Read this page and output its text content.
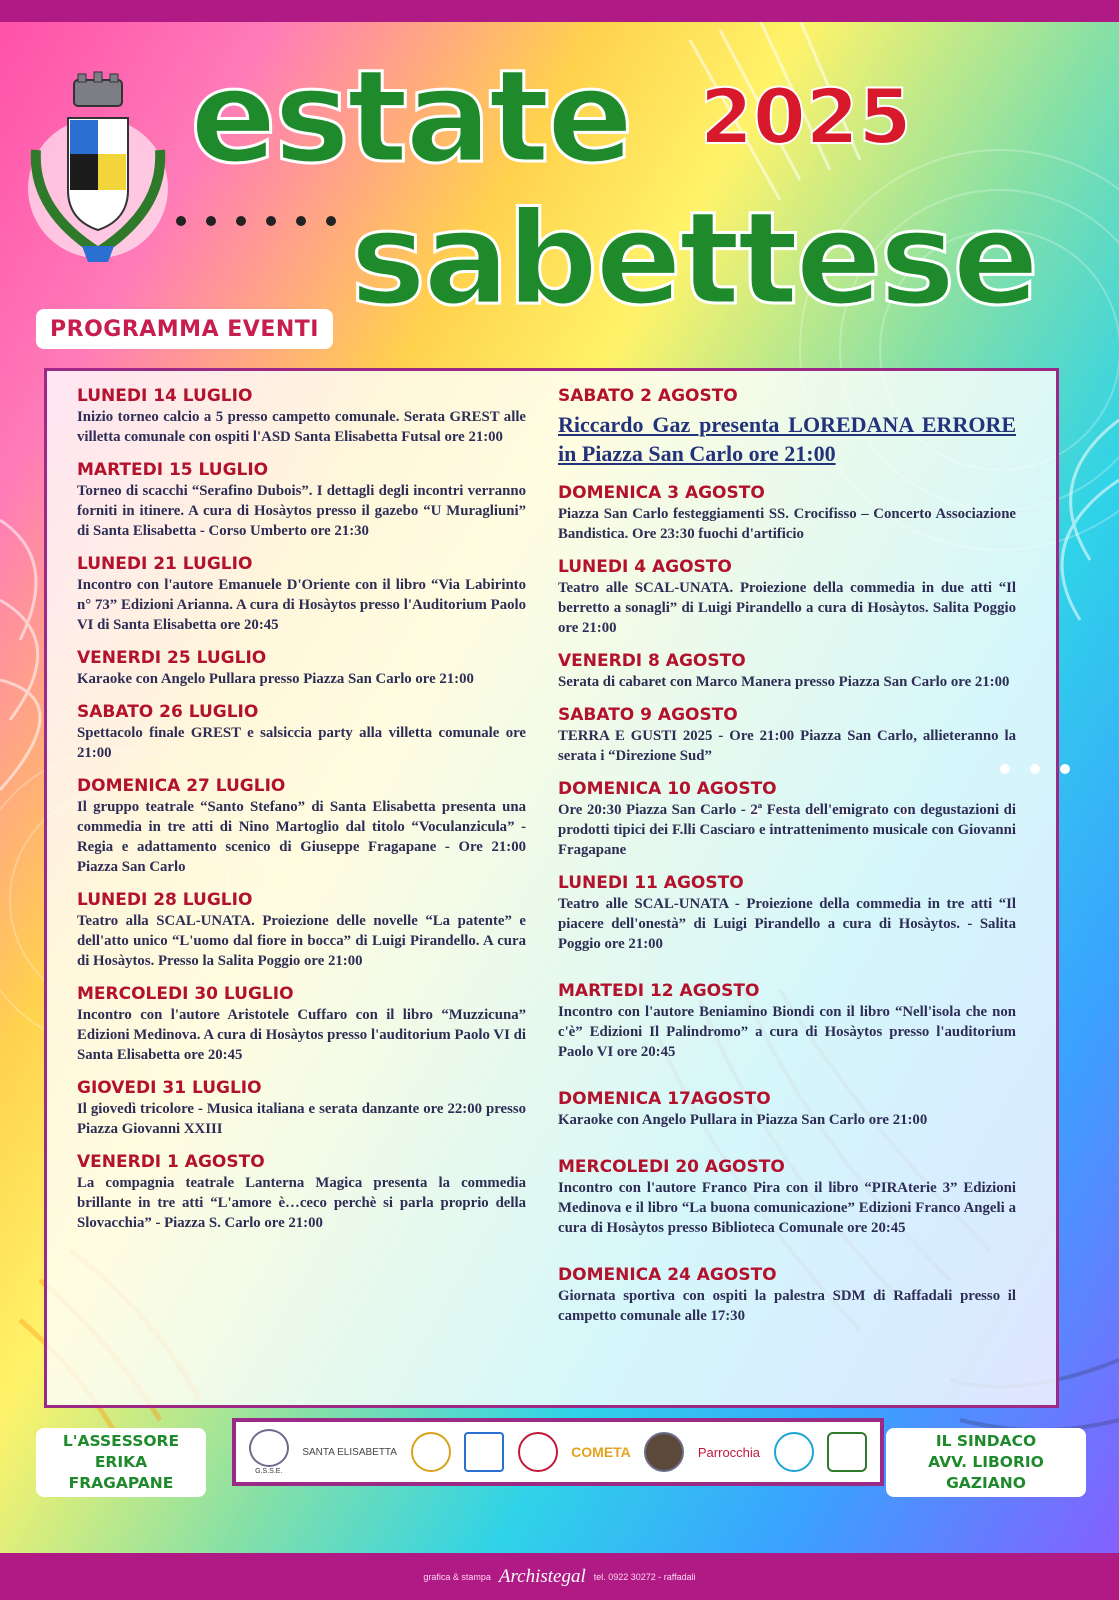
estate 2025
sabettese
PROGRAMMA EVENTI
LUNEDI 14 LUGLIO
Inizio torneo calcio a 5 presso campetto comunale. Serata GREST alle villetta comunale con ospiti l'ASD Santa Elisabetta Futsal ore 21:00
MARTEDI 15 LUGLIO
Torneo di scacchi “Serafino Dubois”. I dettagli degli incontri verranno forniti in itinere. A cura di Hosàytos presso il gazebo “U Muragliuni” di Santa Elisabetta - Corso Umberto ore 21:30
LUNEDI 21 LUGLIO
Incontro con l'autore Emanuele D'Oriente con il libro “Via Labirinto n° 73” Edizioni Arianna. A cura di Hosàytos presso l'Auditorium Paolo VI di Santa Elisabetta ore 20:45
VENERDI 25 LUGLIO
Karaoke con Angelo Pullara presso Piazza San Carlo ore 21:00
SABATO 26 LUGLIO
Spettacolo finale GREST e salsiccia party alla villetta comunale ore 21:00
DOMENICA 27 LUGLIO
Il gruppo teatrale “Santo Stefano” di Santa Elisabetta presenta una commedia in tre atti di Nino Martoglio dal titolo “Voculanzicula” - Regia e adattamento scenico di Giuseppe Fragapane - Ore 21:00 Piazza San Carlo
LUNEDI 28 LUGLIO
Teatro alla SCAL-UNATA. Proiezione delle novelle “La patente” e dell'atto unico “L'uomo dal fiore in bocca” di Luigi Pirandello. A cura di Hosàytos. Presso la Salita Poggio ore 21:00
MERCOLEDI 30 LUGLIO
Incontro con l'autore Aristotele Cuffaro con il libro “Muzzicuna” Edizioni Medinova. A cura di Hosàytos presso l'auditorium Paolo VI di Santa Elisabetta ore 20:45
GIOVEDI 31 LUGLIO
Il giovedì tricolore - Musica italiana e serata danzante ore 22:00 presso Piazza Giovanni XXIII
VENERDI 1 AGOSTO
La compagnia teatrale Lanterna Magica presenta la commedia brillante in tre atti “L'amore è…ceco perchè si parla proprio della Slovacchia” - Piazza S. Carlo ore 21:00
SABATO 2 AGOSTO
Riccardo Gaz presenta LOREDANA ERRORE in Piazza San Carlo ore 21:00
DOMENICA 3 AGOSTO
Piazza San Carlo festeggiamenti SS. Crocifisso – Concerto Associazione Bandistica. Ore 23:30 fuochi d'artificio
LUNEDI 4 AGOSTO
Teatro alle SCAL-UNATA. Proiezione della commedia in due atti “Il berretto a sonagli” di Luigi Pirandello a cura di Hosàytos. Salita Poggio ore 21:00
VENERDI 8 AGOSTO
Serata di cabaret con Marco Manera presso Piazza San Carlo ore 21:00
SABATO 9 AGOSTO
TERRA E GUSTI 2025 - Ore 21:00 Piazza San Carlo, allieteranno la serata i “Direzione Sud”
DOMENICA 10 AGOSTO
Ore 20:30 Piazza San Carlo - 2ª Festa dell'emigrato con degustazioni di prodotti tipici dei F.lli Casciaro e intrattenimento musicale con Giovanni Fragapane
LUNEDI 11 AGOSTO
Teatro alle SCAL-UNATA - Proiezione della commedia in tre atti “Il piacere dell'onestà” di Luigi Pirandello a cura di Hosàytos. - Salita Poggio ore 21:00
MARTEDI 12 AGOSTO
Incontro con l'autore Beniamino Biondi con il libro “Nell'isola che non c'è” Edizioni Il Palindromo” a cura di Hosàytos presso l'auditorium Paolo VI ore 20:45
DOMENICA 17AGOSTO
Karaoke con Angelo Pullara in Piazza San Carlo ore 21:00
MERCOLEDI 20 AGOSTO
Incontro con l'autore Franco Pira con il libro “PIRAterie 3” Edizioni Medinova e il libro “La buona comunicazione” Edizioni Franco Angeli a cura di Hosàytos presso Biblioteca Comunale ore 20:45
DOMENICA 24 AGOSTO
Giornata sportiva con ospiti la palestra SDM di Raffadali presso il campetto comunale alle 17:30
L'ASSESSORE
ERIKA FRAGAPANE
G.S.S.E.
SANTA ELISABETTA	COMETA	Parrocchia
IL SINDACO
AVV. LIBORIO GAZIANO
grafica & stampa Archistegal tel. 0922 30272 - raffadali
